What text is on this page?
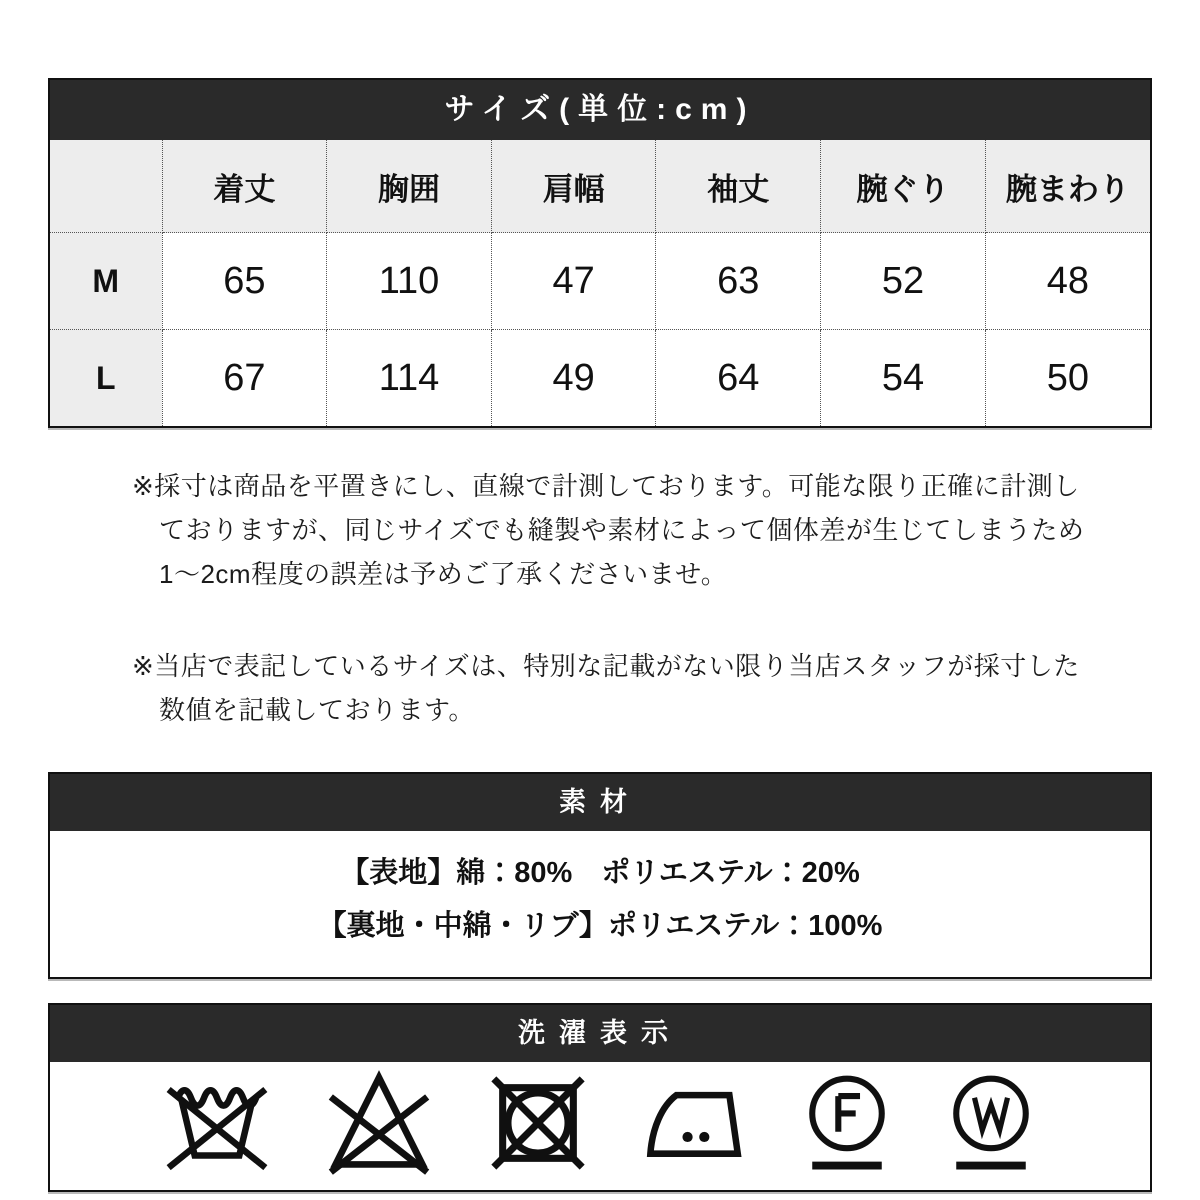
サイズ(単位:cm)
	着丈	胸囲	肩幅	袖丈	腕ぐり	腕まわり
M	65	110	47	63	52	48
L	67	114	49	64	54	50
※採寸は商品を平置きにし、直線で計測しております。可能な限り正確に計測し
ておりますが、同じサイズでも縫製や素材によって個体差が生じてしまうため
1〜2cm程度の誤差は予めご了承くださいませ。
※当店で表記しているサイズは、特別な記載がない限り当店スタッフが採寸した
数値を記載しております。
素材
【表地】綿：80%　ポリエステル：20%
【裏地・中綿・リブ】ポリエステル：100%
洗濯表示
